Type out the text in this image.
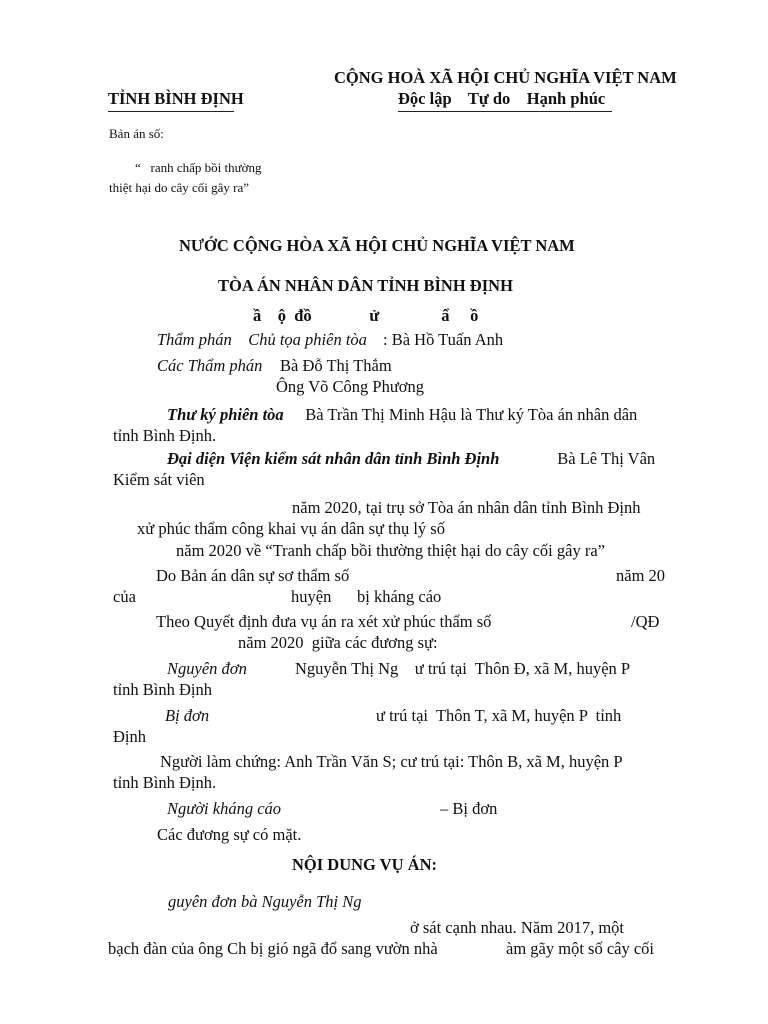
CỘNG HOÀ XÃ HỘI CHỦ NGHĨA VIỆT NAM
TỈNH BÌNH ĐỊNH	Độc lập    Tự do    Hạnh phúc
Bản án số:
“   ranh chấp bồi thường
thiệt hại do cây cối gây ra”
NƯỚC CỘNG HÒA XÃ HỘI CHỦ NGHĨA VIỆT NAM
TÒA ÁN NHÂN DÂN TỈNH BÌNH ĐỊNH
ầ    ộ  đồ              ử               ẩ     ồ
Thẩm phán    Chủ tọa phiên tòa : Bà Hồ Tuấn Anh
Các Thẩm phán Bà Đỗ Thị Thắm
Ông Võ Công Phương
Thư ký phiên tòa Bà Trần Thị Minh Hậu là Thư ký Tòa án nhân dân
tỉnh Bình Định.
Đại diện Viện kiểm sát nhân dân tỉnh Bình Định	Bà Lê Thị Vân
Kiểm sát viên
năm 2020, tại trụ sở Tòa án nhân dân tỉnh Bình Định
xử phúc thẩm công khai vụ án dân sự thụ lý số
năm 2020 về “Tranh chấp bồi thường thiệt hại do cây cối gây ra”
Do Bản án dân sự sơ thẩm số	năm 20
của	huyện bị kháng cáo
Theo Quyết định đưa vụ án ra xét xử phúc thẩm số	/QĐ
năm 2020  giữa các đương sự:
Nguyên đơn	Nguyễn Thị Ng    ư trú tại  Thôn Đ, xã M, huyện P
tỉnh Bình Định
Bị đơn	ư trú tại  Thôn T, xã M, huyện P  tỉnh
Định
Người làm chứng: Anh Trần Văn S; cư trú tại: Thôn B, xã M, huyện P
tỉnh Bình Định.
Người kháng cáo	– Bị đơn
Các đương sự có mặt.
NỘI DUNG VỤ ÁN:
guyên đơn bà Nguyễn Thị Ng
ở sát cạnh nhau. Năm 2017, một
bạch đàn của ông Ch bị gió ngã đổ sang vườn nhà	àm gãy một số cây cối
